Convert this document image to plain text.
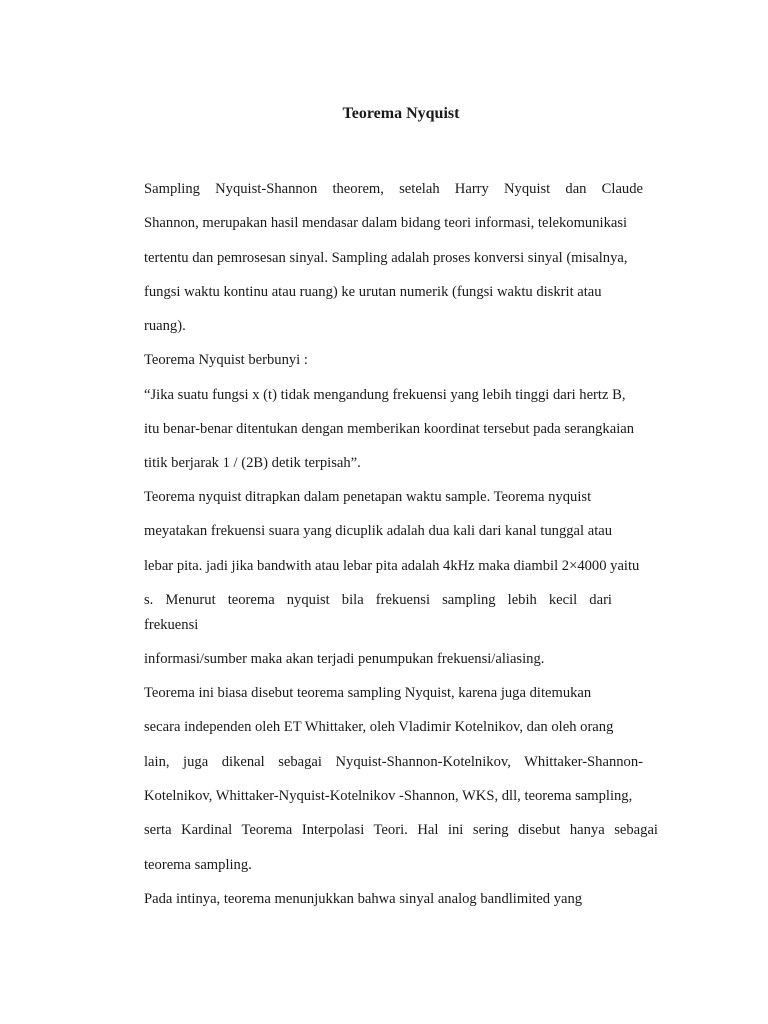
Teorema Nyquist
Sampling Nyquist-Shannon theorem, setelah Harry Nyquist dan Claude
Shannon, merupakan hasil mendasar dalam bidang teori informasi, telekomunikasi
tertentu dan pemrosesan sinyal. Sampling adalah proses konversi sinyal (misalnya,
fungsi waktu kontinu atau ruang) ke urutan numerik (fungsi waktu diskrit atau
ruang).
Teorema Nyquist berbunyi :
“Jika suatu fungsi x (t) tidak mengandung frekuensi yang lebih tinggi dari hertz B,
itu benar-benar ditentukan dengan memberikan koordinat tersebut pada serangkaian
titik berjarak 1 / (2B) detik terpisah”.
Teorema nyquist ditrapkan dalam penetapan waktu sample. Teorema nyquist
meyatakan frekuensi suara yang dicuplik adalah dua kali dari kanal tunggal atau
lebar pita. jadi jika bandwith atau lebar pita adalah 4kHz maka diambil 2×4000 yaitu
s. Menurut teorema nyquist bila frekuensi sampling lebih kecil dari
frekuensi
informasi/sumber maka akan terjadi penumpukan frekuensi/aliasing.
Teorema ini biasa disebut teorema sampling Nyquist, karena juga ditemukan
secara independen oleh ET Whittaker, oleh Vladimir Kotelnikov, dan oleh orang
lain, juga dikenal sebagai Nyquist-Shannon-Kotelnikov, Whittaker-Shannon-
Kotelnikov, Whittaker-Nyquist-Kotelnikov -Shannon, WKS, dll, teorema sampling,
serta Kardinal Teorema Interpolasi Teori. Hal ini sering disebut hanya sebagai
teorema sampling.
Pada intinya, teorema menunjukkan bahwa sinyal analog bandlimited yang
